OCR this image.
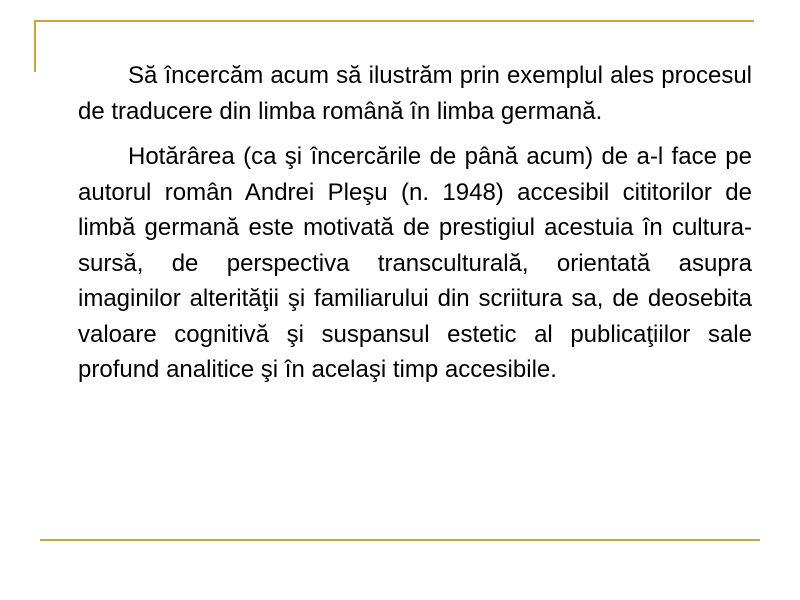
Să încercăm acum să ilustrăm prin exemplul ales procesul de traducere din limba română în limba germană.

Hotărârea (ca şi încercările de până acum) de a-l face pe autorul român Andrei Pleşu (n. 1948) accesibil cititorilor de limbă germană este motivată de prestigiul acestuia în cultura-sursă, de perspectiva transculturală, orientată asupra imaginilor alterităţii şi familiarului din scriitura sa, de deosebita valoare cognitivă şi suspansul estetic al publicaţiilor sale profund analitice şi în acelaşi timp accesibile.
